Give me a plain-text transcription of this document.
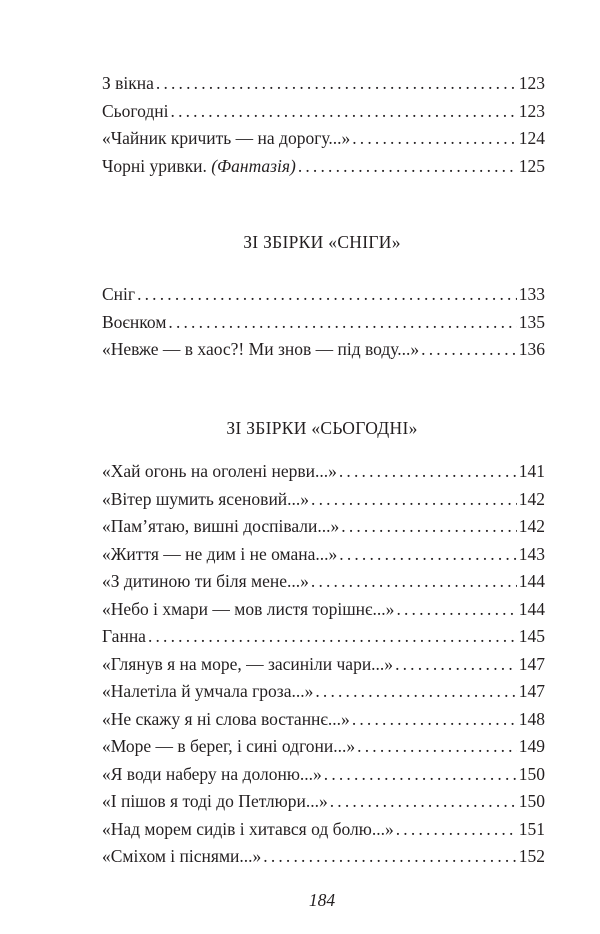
З вікна . . .	123
Сьогодні . . .	123
«Чайник кричить — на дорогу...» . . .	124
Чорні уривки. (Фантазія) . . .	125
ЗІ ЗБІРКИ «СНІГИ»
Сніг . . .	133
Воєнком . . .	135
«Невже — в хаос?! Ми знов — під воду...» . . .	136
ЗІ ЗБІРКИ «СЬОГОДНІ»
«Хай огонь на оголені нерви...» . . .	141
«Вітер шумить ясеновий...» . . .	142
«Пам’ятаю, вишні доспівали...» . . .	142
«Життя — не дим і не омана...» . . .	143
«З дитиною ти біля мене...» . . .	144
«Небо і хмари — мов листя торішнє...» . . .	144
Ганна . . .	145
«Глянув я на море, — засиніли чари...» . . .	147
«Налетіла й умчала гроза...» . . .	147
«Не скажу я ні слова востаннє...» . . .	148
«Море — в берег, і сині одгони...» . . .	149
«Я води наберу на долоню...» . . .	150
«І пішов я тоді до Петлюри...» . . .	150
«Над морем сидів і хитався од болю...» . . .	151
«Сміхом і піснями...» . . .	152
184
